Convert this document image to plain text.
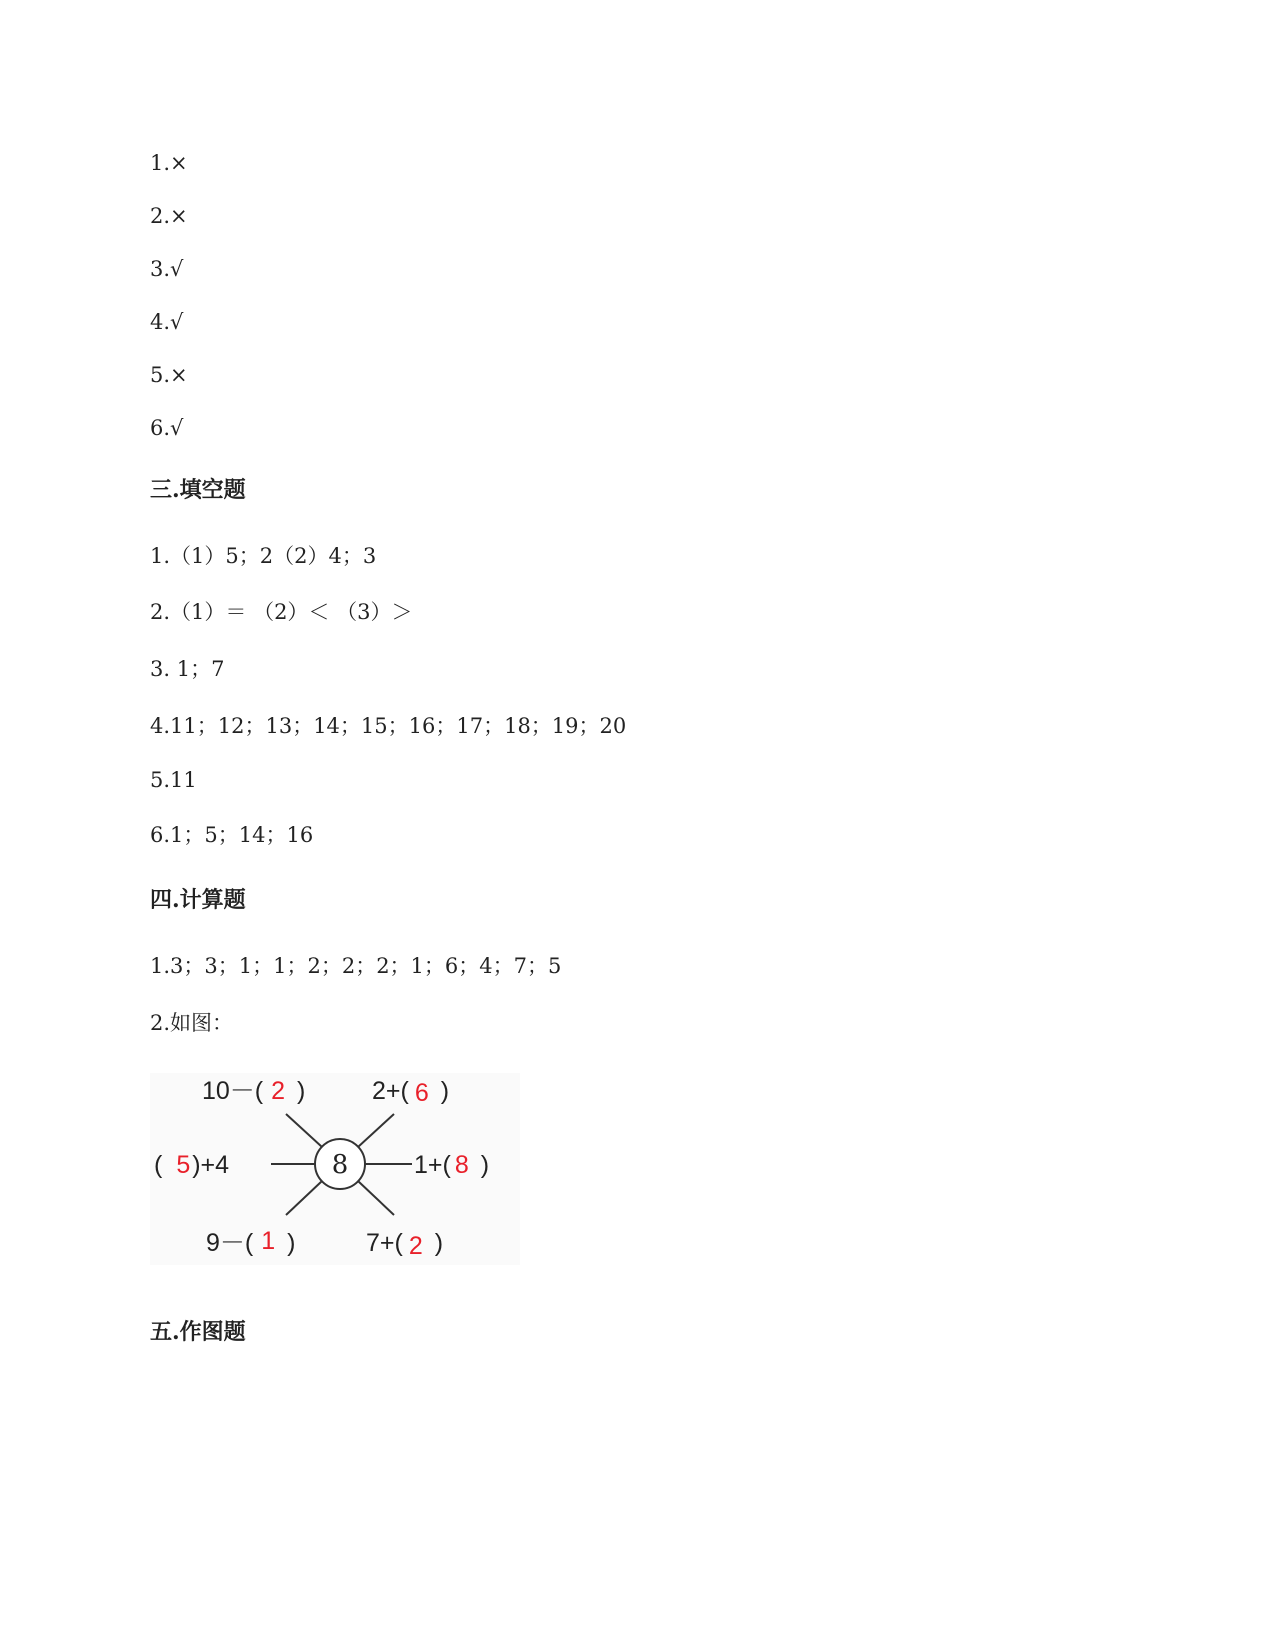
1.×
2.×
3.√
4.√
5.×
6.√
三.填空题
1.（1）5；2（2）4；3
2.（1）＝ （2）＜ （3）＞
3. 1；7
4.11；12；13；14；15；16；17；18；19；20
5.11
6.1；5；14；16
四.计算题
1.3；3；1；1；2；2；2；1；6；4；7；5
2.如图：
8
10－( 2 )	2+( 6 )
( 5)+4	1+( 8 )
9－( 1 )	7+( 2 )
五.作图题
